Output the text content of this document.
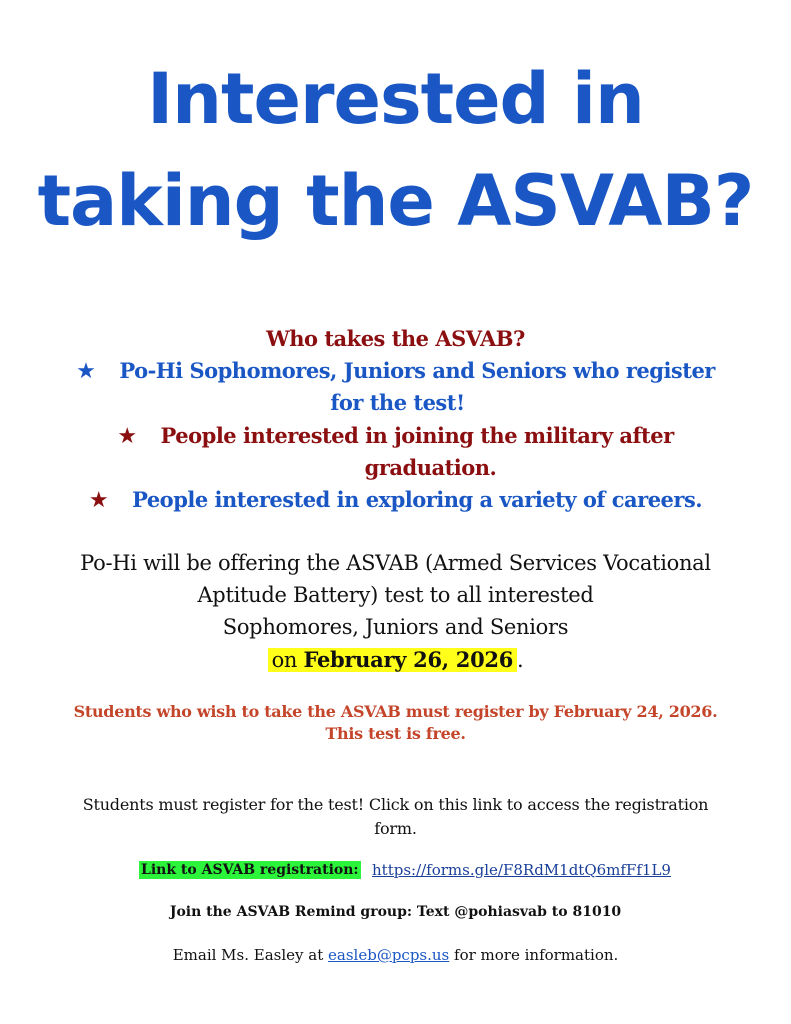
Interested in
taking the ASVAB?
Who takes the ASVAB?
★ Po-Hi Sophomores, Juniors and Seniors who register
for the test!
★ People interested in joining the military after
graduation.
★ People interested in exploring a variety of careers.
Po-Hi will be offering the ASVAB (Armed Services Vocational
Aptitude Battery) test to all interested
Sophomores, Juniors and Seniors
on February 26, 2026 .
Students who wish to take the ASVAB must register by February 24, 2026.
This test is free.
Students must register for the test! Click on this link to access the registration
form.
Link to ASVAB registration: https://forms.gle/F8RdM1dtQ6mfFf1L9
Join the ASVAB Remind group: Text @pohiasvab to 81010
Email Ms. Easley at easleb@pcps.us for more information.
